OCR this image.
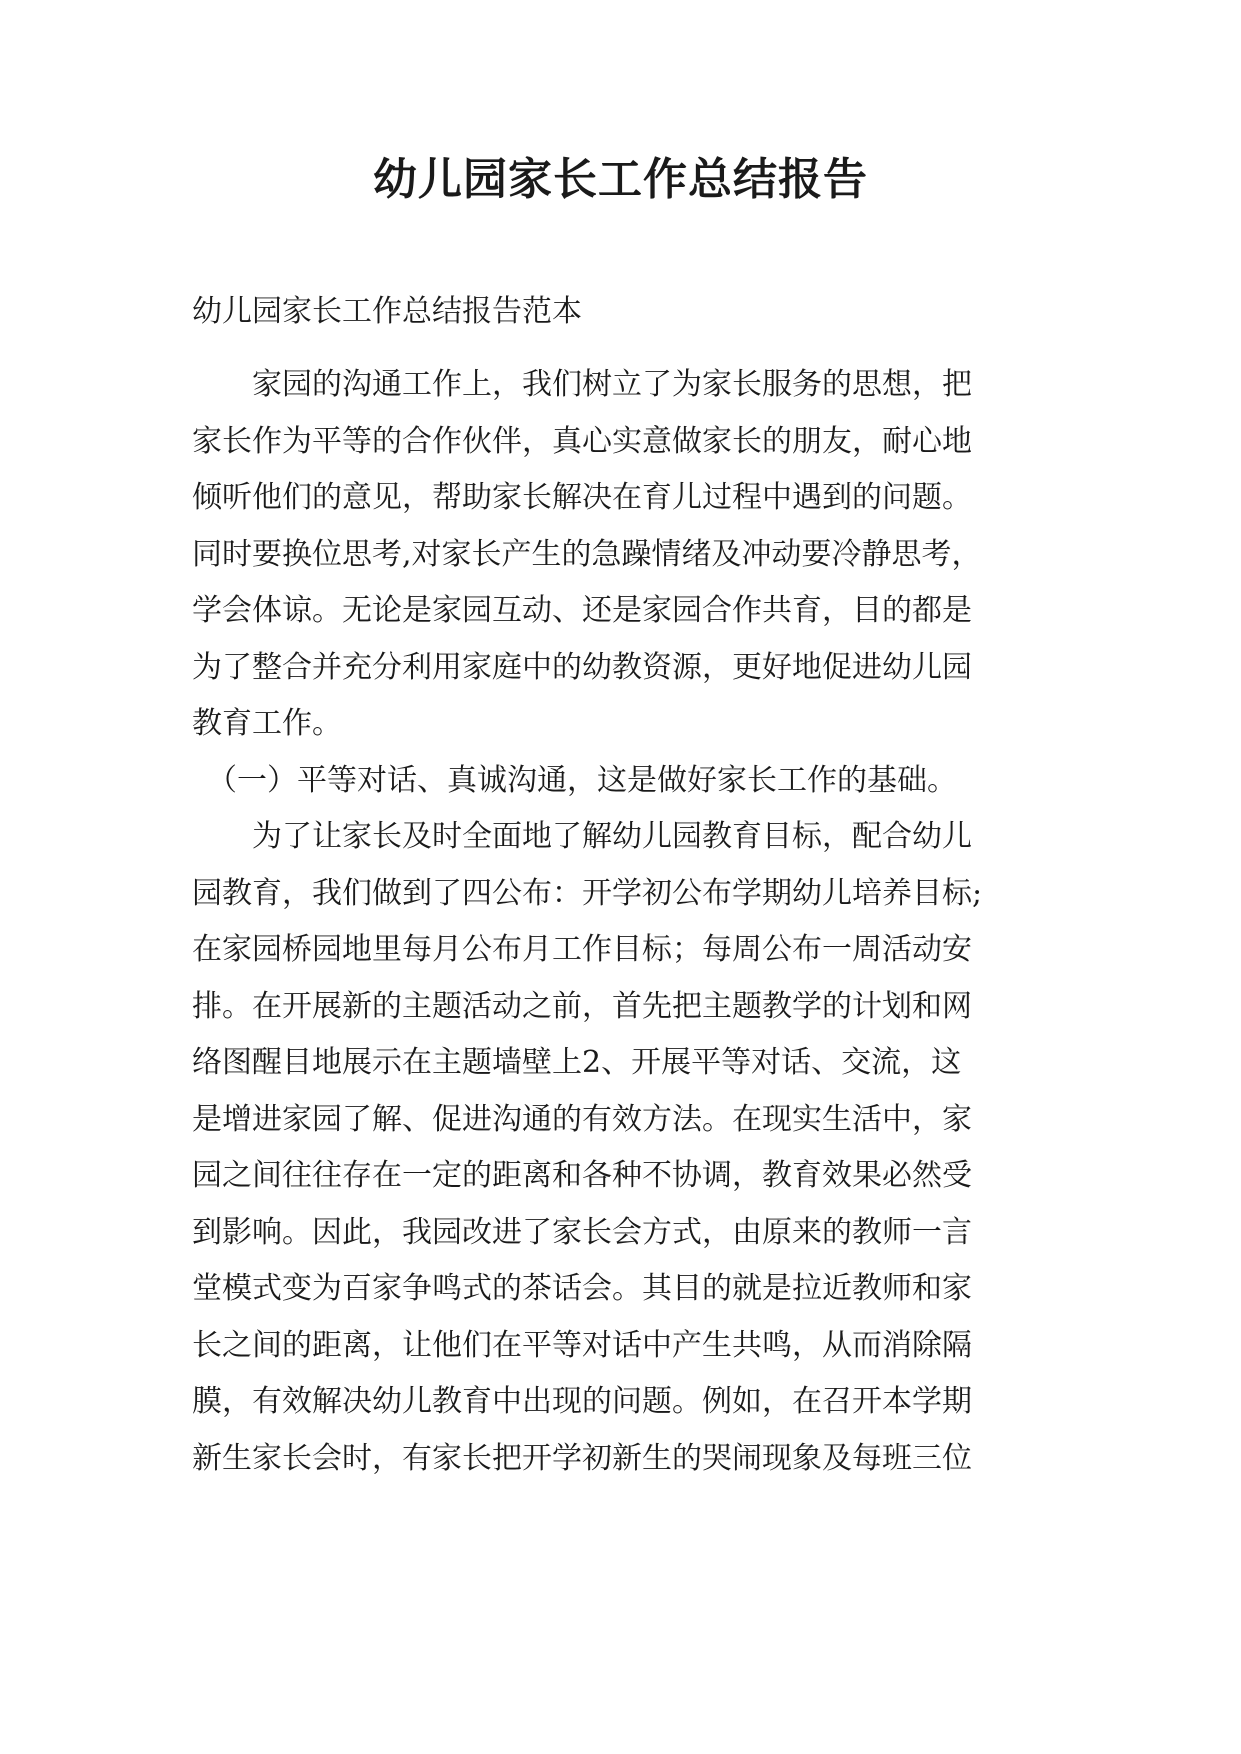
幼儿园家长工作总结报告
幼儿园家长工作总结报告范本
　　家园的沟通工作上，我们树立了为家长服务的思想，把
家长作为平等的合作伙伴，真心实意做家长的朋友，耐心地
倾听他们的意见，帮助家长解决在育儿过程中遇到的问题。
同时要换位思考,对家长产生的急躁情绪及冲动要冷静思考，
学会体谅。无论是家园互动、还是家园合作共育，目的都是
为了整合并充分利用家庭中的幼教资源，更好地促进幼儿园
教育工作。
　（一）平等对话、真诚沟通，这是做好家长工作的基础。
　　为了让家长及时全面地了解幼儿园教育目标，配合幼儿
园教育，我们做到了四公布：开学初公布学期幼儿培养目标;
在家园桥园地里每月公布月工作目标；每周公布一周活动安
排。在开展新的主题活动之前，首先把主题教学的计划和网
络图醒目地展示在主题墙壁上2、开展平等对话、交流，这
是增进家园了解、促进沟通的有效方法。在现实生活中，家
园之间往往存在一定的距离和各种不协调，教育效果必然受
到影响。因此，我园改进了家长会方式，由原来的教师一言
堂模式变为百家争鸣式的茶话会。其目的就是拉近教师和家
长之间的距离，让他们在平等对话中产生共鸣，从而消除隔
膜，有效解决幼儿教育中出现的问题。例如，在召开本学期
新生家长会时，有家长把开学初新生的哭闹现象及每班三位
